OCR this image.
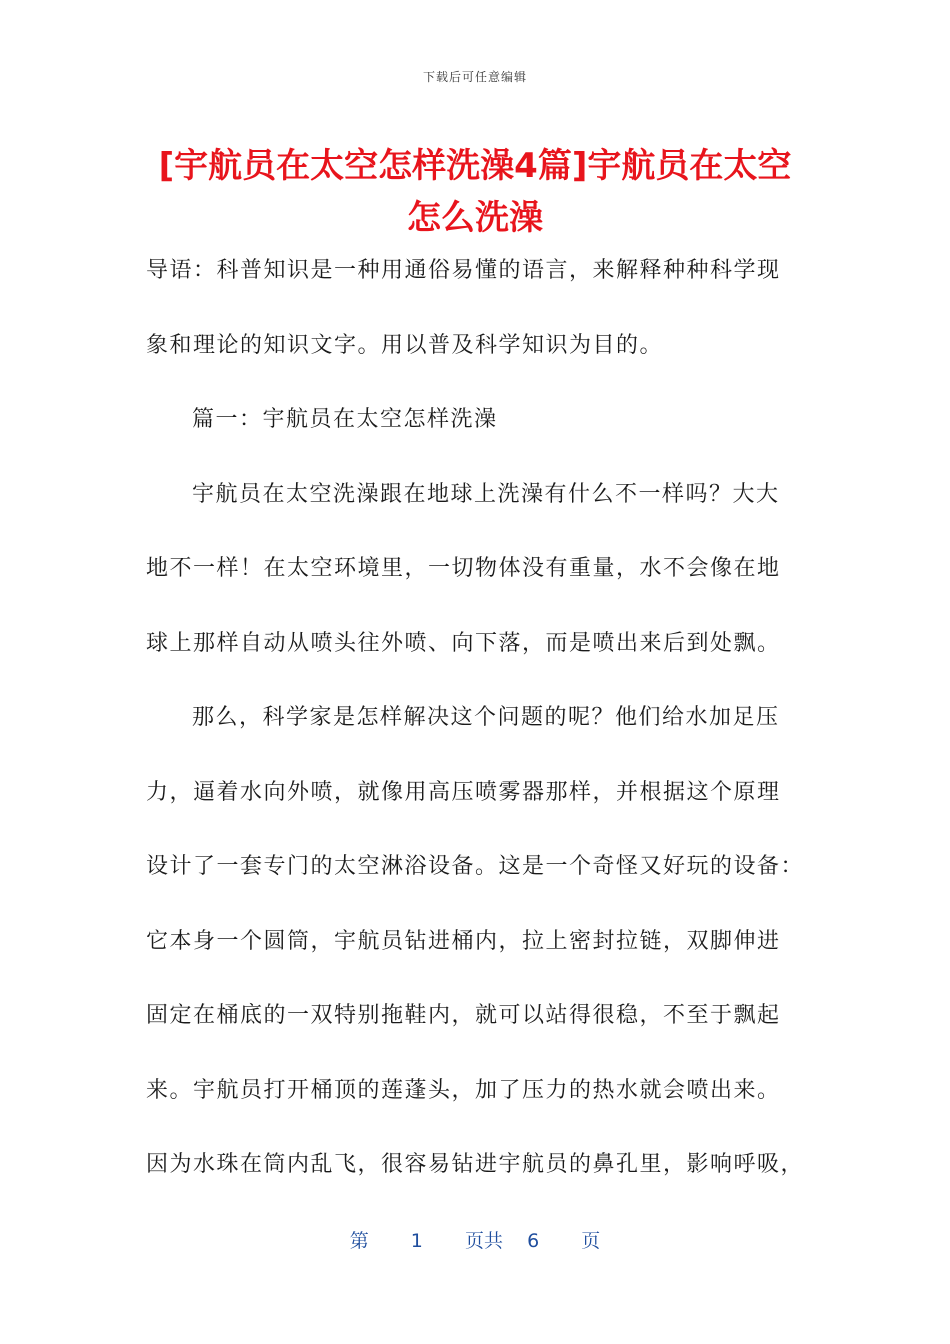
下载后可任意编辑
[宇航员在太空怎样洗澡4篇]宇航员在太空
怎么洗澡
导语：科普知识是一种用通俗易懂的语言，来解释种种科学现
象和理论的知识文字。用以普及科学知识为目的。
篇一：宇航员在太空怎样洗澡
宇航员在太空洗澡跟在地球上洗澡有什么不一样吗？大大
地不一样！在太空环境里，一切物体没有重量，水不会像在地
球上那样自动从喷头往外喷、向下落，而是喷出来后到处飘。
那么，科学家是怎样解决这个问题的呢？他们给水加足压
力，逼着水向外喷，就像用高压喷雾器那样，并根据这个原理
设计了一套专门的太空淋浴设备。这是一个奇怪又好玩的设备：
它本身一个圆筒，宇航员钻进桶内，拉上密封拉链，双脚伸进
固定在桶底的一双特别拖鞋内，就可以站得很稳，不至于飘起
来。宇航员打开桶顶的莲蓬头，加了压力的热水就会喷出来。
因为水珠在筒内乱飞，很容易钻进宇航员的鼻孔里，影响呼吸，
第 1 页共 6 页
